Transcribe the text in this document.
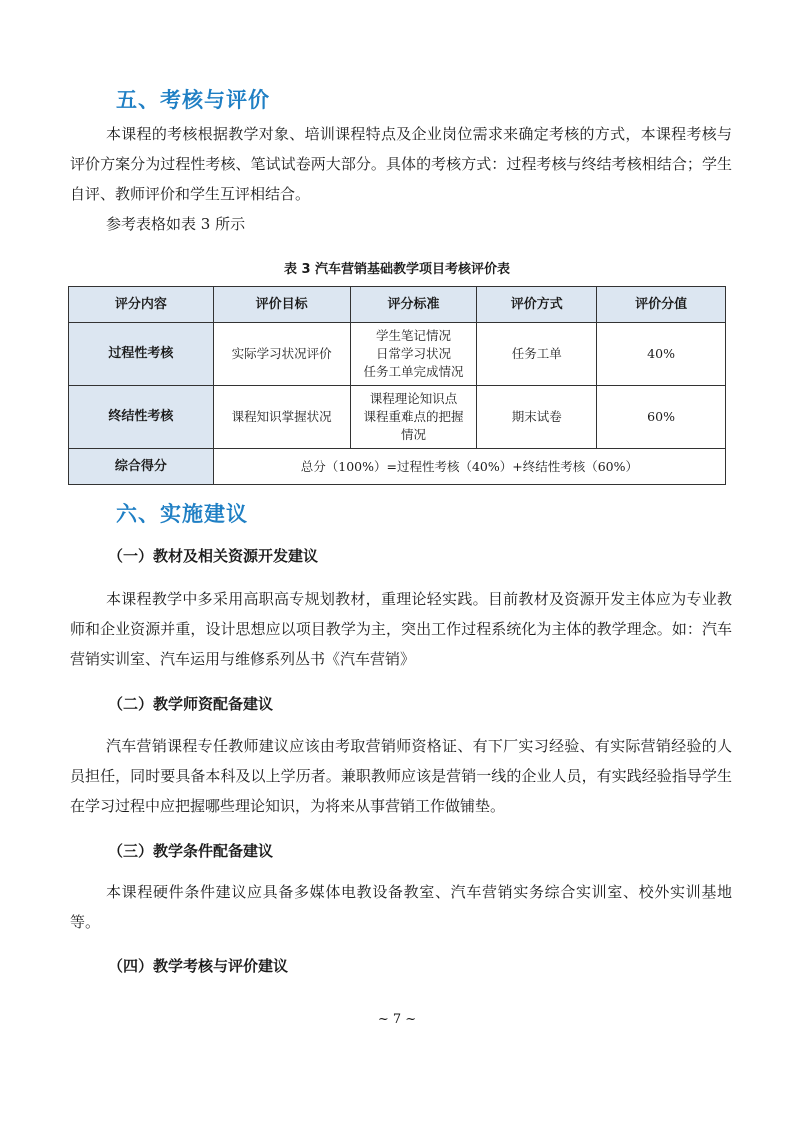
五、考核与评价

本课程的考核根据教学对象、培训课程特点及企业岗位需求来确定考核的方式，本课程考核与评价方案分为过程性考核、笔试试卷两大部分。具体的考核方式：过程考核与终结考核相结合；学生自评、教师评价和学生互评相结合。

参考表格如表 3 所示

表 3 汽车营销基础教学项目考核评价表
评分内容	评价目标	评分标准	评价方式	评价分值
过程性考核	实际学习状况评价	学生笔记情况
日常学习状况
任务工单完成情况	任务工单	40%
终结性考核	课程知识掌握状况	课程理论知识点
课程重难点的把握
情况	期末试卷	60%
综合得分	总分（100%）=过程性考核（40%）+终结性考核（60%）			
六、实施建议
（一）教材及相关资源开发建议

本课程教学中多采用高职高专规划教材，重理论轻实践。目前教材及资源开发主体应为专业教师和企业资源并重，设计思想应以项目教学为主，突出工作过程系统化为主体的教学理念。如：汽车营销实训室、汽车运用与维修系列丛书《汽车营销》

（二）教学师资配备建议

汽车营销课程专任教师建议应该由考取营销师资格证、有下厂实习经验、有实际营销经验的人员担任，同时要具备本科及以上学历者。兼职教师应该是营销一线的企业人员，有实践经验指导学生在学习过程中应把握哪些理论知识，为将来从事营销工作做铺垫。

（三）教学条件配备建议

本课程硬件条件建议应具备多媒体电教设备教室、汽车营销实务综合实训室、校外实训基地等。

（四）教学考核与评价建议
~ 7 ~
